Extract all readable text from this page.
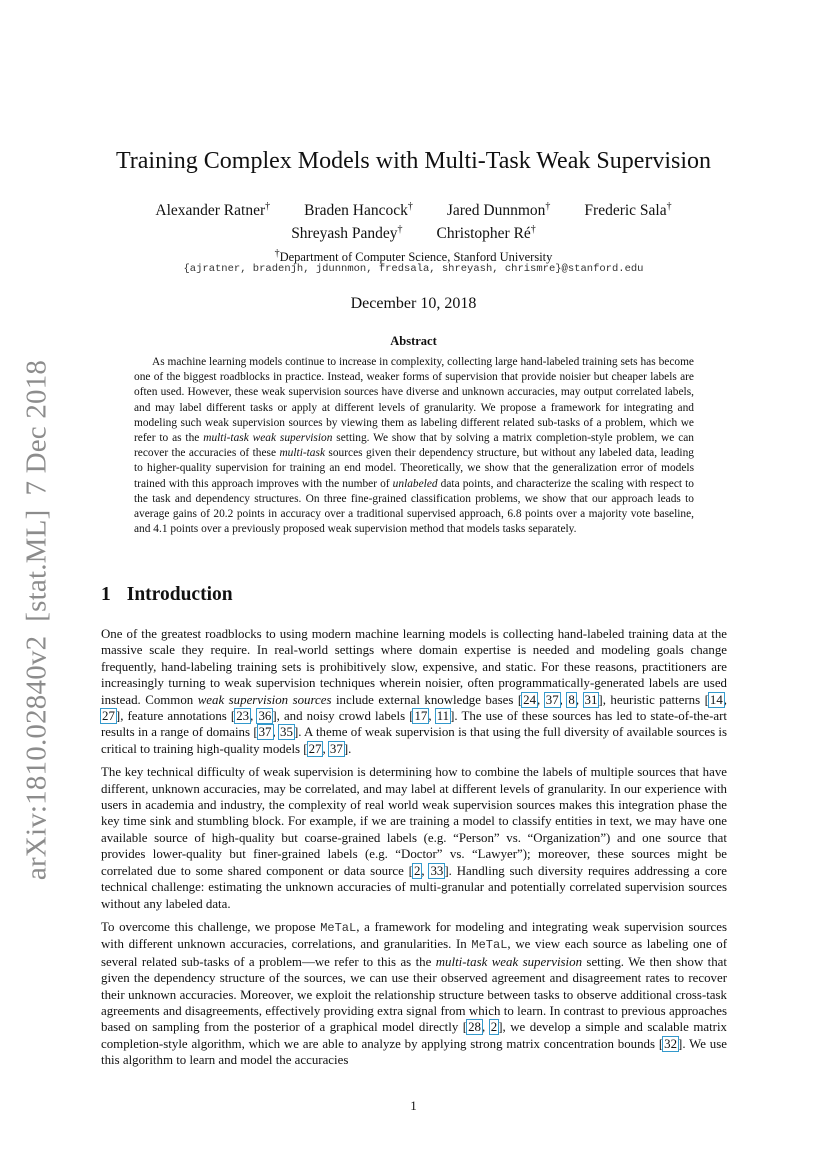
arXiv:1810.02840v2[stat.ML]7 Dec 2018
Training Complex Models with Multi-Task Weak Supervision
Alexander Ratner† Braden Hancock† Jared Dunnmon† Frederic Sala†
Shreyash Pandey† Christopher Ré†
†Department of Computer Science, Stanford University
{ajratner, bradenjh, jdunnmon, fredsala, shreyash, chrismre}@stanford.edu
December 10, 2018
Abstract

As machine learning models continue to increase in complexity, collecting large hand-labeled training sets has become one of the biggest roadblocks in practice. Instead, weaker forms of supervision that provide noisier but cheaper labels are often used. However, these weak supervision sources have diverse and unknown accuracies, may output correlated labels, and may label different tasks or apply at different levels of granularity. We propose a framework for integrating and modeling such weak supervision sources by viewing them as labeling different related sub-tasks of a problem, which we refer to as the multi-task weak supervision setting. We show that by solving a matrix completion-style problem, we can recover the accuracies of these multi-task sources given their dependency structure, but without any labeled data, leading to higher-quality supervision for training an end model. Theoretically, we show that the generalization error of models trained with this approach improves with the number of unlabeled data points, and characterize the scaling with respect to the task and dependency structures. On three fine-grained classification problems, we show that our approach leads to average gains of 20.2 points in accuracy over a traditional supervised approach, 6.8 points over a majority vote baseline, and 4.1 points over a previously proposed weak supervision method that models tasks separately.

1 Introduction

One of the greatest roadblocks to using modern machine learning models is collecting hand-labeled training data at the massive scale they require. In real-world settings where domain expertise is needed and modeling goals change frequently, hand-labeling training sets is prohibitively slow, expensive, and static. For these reasons, practitioners are increasingly turning to weak supervision techniques wherein noisier, often programmatically-generated labels are used instead. Common weak supervision sources include external knowledge bases [24, 37, 8, 31], heuristic patterns [14, 27], feature annotations [23, 36], and noisy crowd labels [17, 11]. The use of these sources has led to state-of-the-art results in a range of domains [37, 35]. A theme of weak supervision is that using the full diversity of available sources is critical to training high-quality models [27, 37].

The key technical difficulty of weak supervision is determining how to combine the labels of multiple sources that have different, unknown accuracies, may be correlated, and may label at different levels of granularity. In our experience with users in academia and industry, the complexity of real world weak supervision sources makes this integration phase the key time sink and stumbling block. For example, if we are training a model to classify entities in text, we may have one available source of high-quality but coarse-grained labels (e.g. “Person” vs. “Organization”) and one source that provides lower-quality but finer-grained labels (e.g. “Doctor” vs. “Lawyer”); moreover, these sources might be correlated due to some shared component or data source [2, 33]. Handling such diversity requires addressing a core technical challenge: estimating the unknown accuracies of multi-granular and potentially correlated supervision sources without any labeled data.

To overcome this challenge, we propose MeTaL, a framework for modeling and integrating weak supervision sources with different unknown accuracies, correlations, and granularities. In MeTaL, we view each source as labeling one of several related sub-tasks of a problem—we refer to this as the multi-task weak supervision setting. We then show that given the dependency structure of the sources, we can use their observed agreement and disagreement rates to recover their unknown accuracies. Moreover, we exploit the relationship structure between tasks to observe additional cross-task agreements and disagreements, effectively providing extra signal from which to learn. In contrast to previous approaches based on sampling from the posterior of a graphical model directly [28, 2], we develop a simple and scalable matrix completion-style algorithm, which we are able to analyze by applying strong matrix concentration bounds [32]. We use this algorithm to learn and model the accuracies

1
